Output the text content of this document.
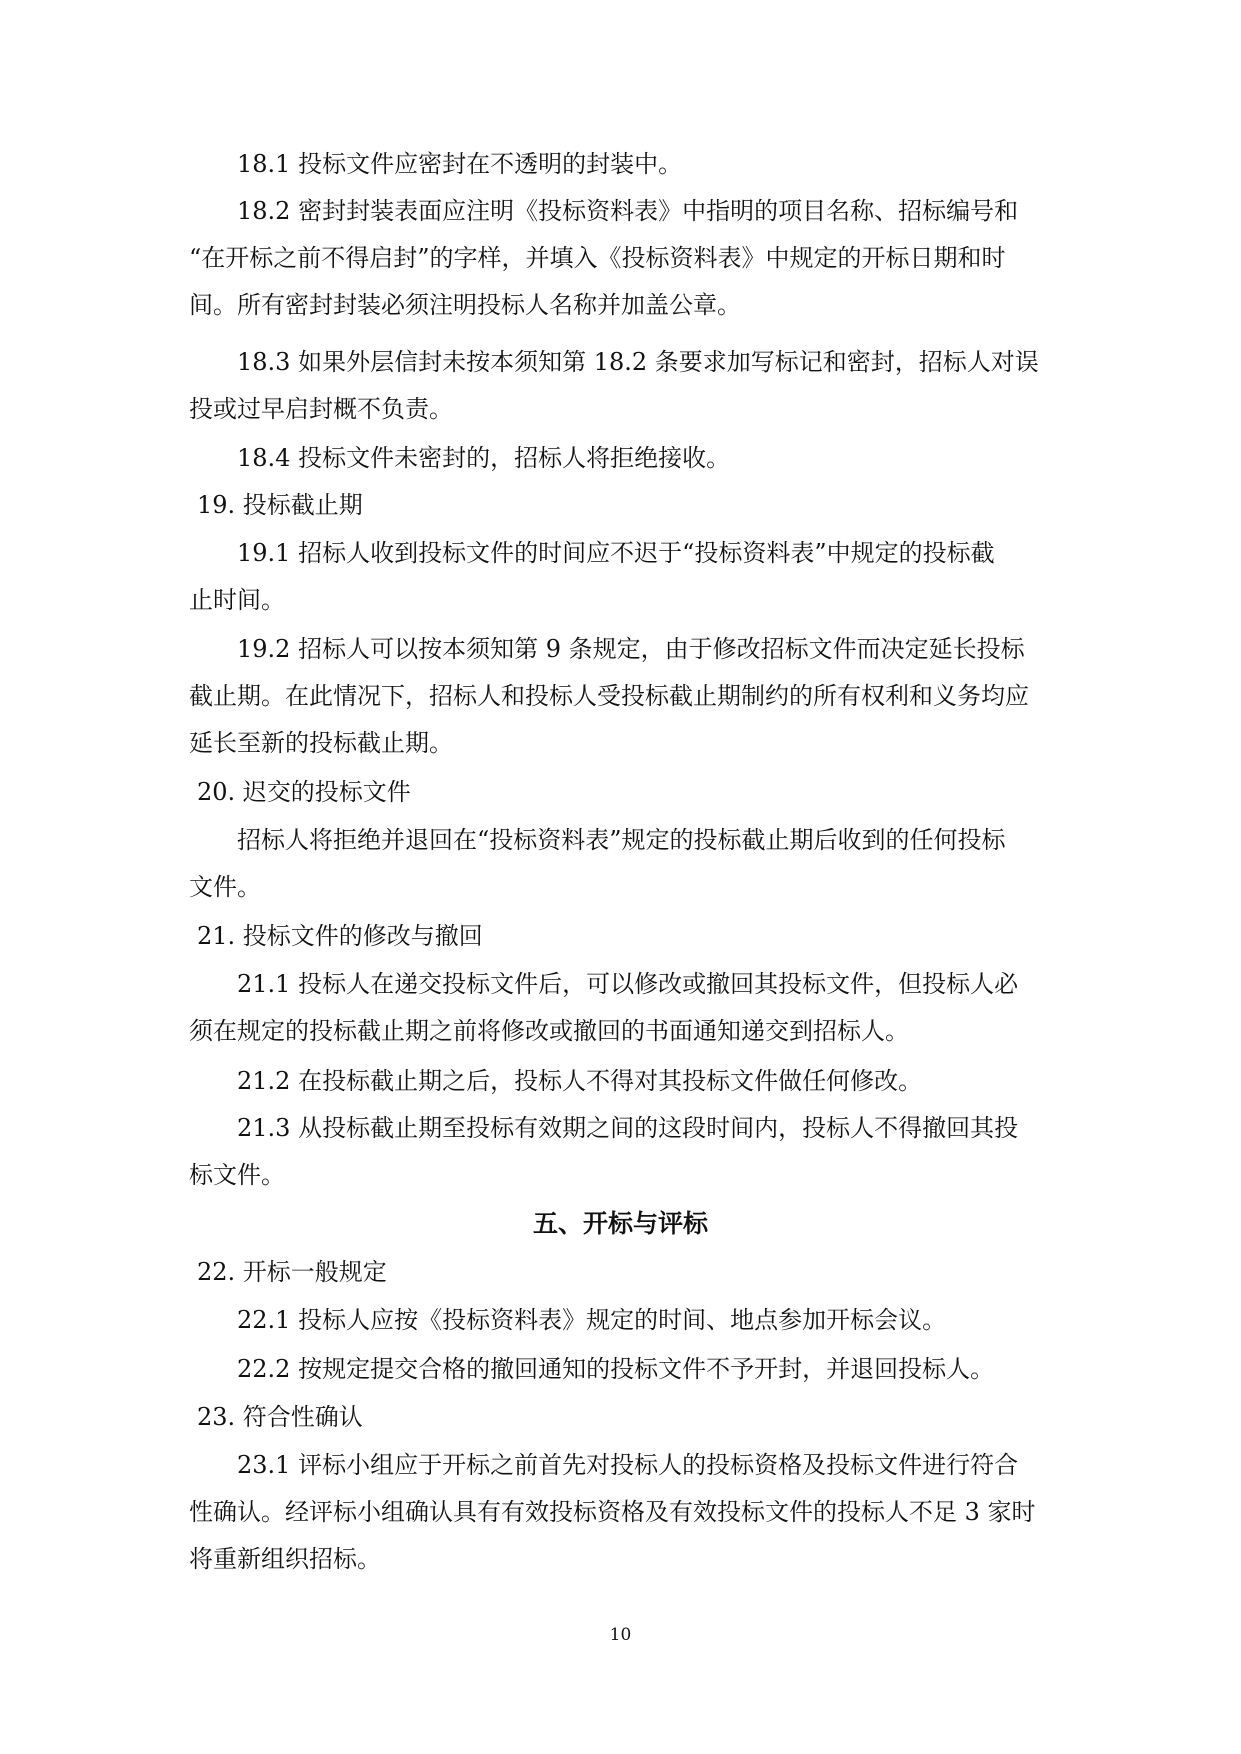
18.1 投标文件应密封在不透明的封装中。
18.2 密封封装表面应注明《投标资料表》中指明的项目名称、招标编号和
“在开标之前不得启封”的字样，并填入《投标资料表》中规定的开标日期和时
间。所有密封封装必须注明投标人名称并加盖公章。
18.3 如果外层信封未按本须知第 18.2 条要求加写标记和密封，招标人对误
投或过早启封概不负责。
18.4 投标文件未密封的，招标人将拒绝接收。
19. 投标截止期
19.1 招标人收到投标文件的时间应不迟于“投标资料表”中规定的投标截
止时间。
19.2 招标人可以按本须知第 9 条规定，由于修改招标文件而决定延长投标
截止期。在此情况下，招标人和投标人受投标截止期制约的所有权利和义务均应
延长至新的投标截止期。
20. 迟交的投标文件
招标人将拒绝并退回在“投标资料表”规定的投标截止期后收到的任何投标
文件。
21. 投标文件的修改与撤回
21.1 投标人在递交投标文件后，可以修改或撤回其投标文件，但投标人必
须在规定的投标截止期之前将修改或撤回的书面通知递交到招标人。
21.2 在投标截止期之后，投标人不得对其投标文件做任何修改。
21.3 从投标截止期至投标有效期之间的这段时间内，投标人不得撤回其投
标文件。
五、开标与评标
22. 开标一般规定
22.1 投标人应按《投标资料表》规定的时间、地点参加开标会议。
22.2 按规定提交合格的撤回通知的投标文件不予开封，并退回投标人。
23. 符合性确认
23.1 评标小组应于开标之前首先对投标人的投标资格及投标文件进行符合
性确认。经评标小组确认具有有效投标资格及有效投标文件的投标人不足 3 家时
将重新组织招标。
10
